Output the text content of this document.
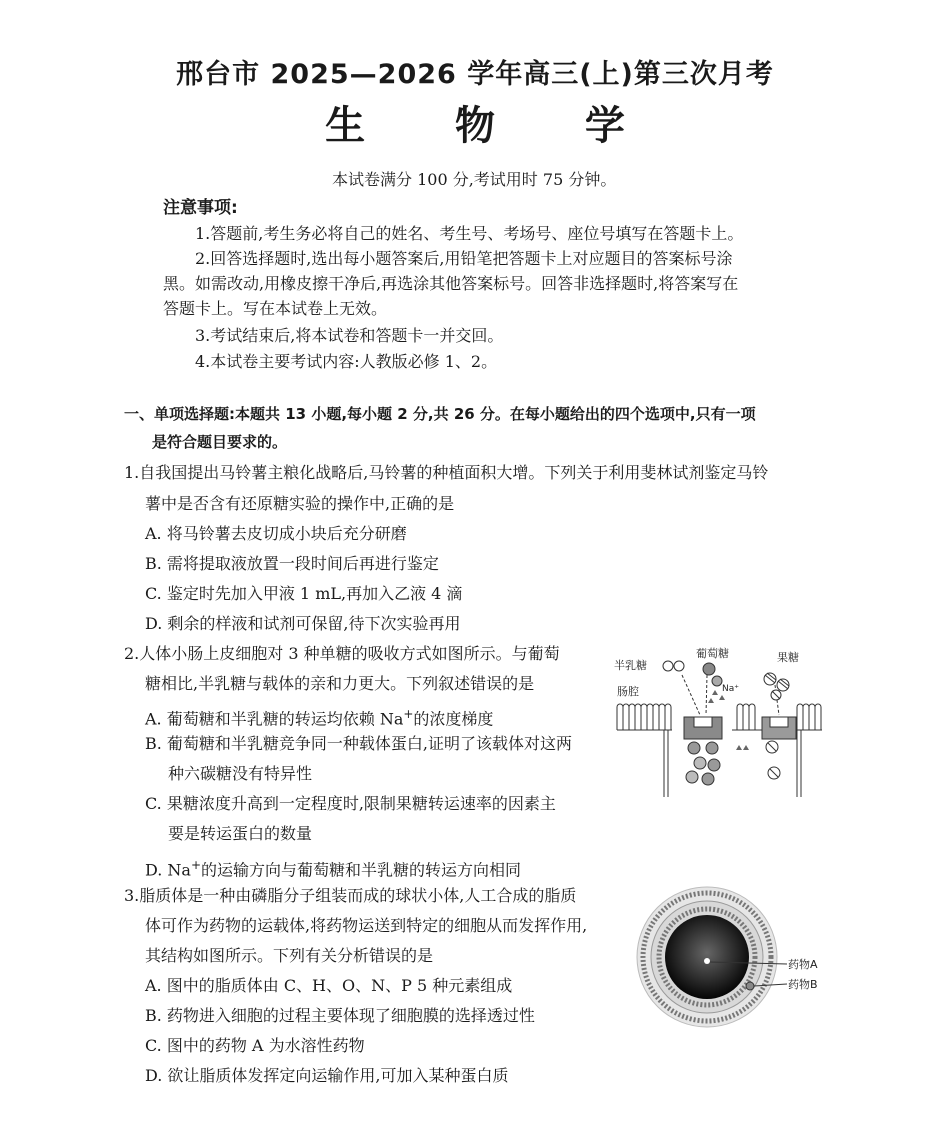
邢台市 2025—2026 学年高三(上)第三次月考
生 物 学
本试卷满分 100 分,考试用时 75 分钟。
注意事项:
1.答题前,考生务必将自己的姓名、考生号、考场号、座位号填写在答题卡上。
2.回答选择题时,选出每小题答案后,用铅笔把答题卡上对应题目的答案标号涂
黑。如需改动,用橡皮擦干净后,再选涂其他答案标号。回答非选择题时,将答案写在
答题卡上。写在本试卷上无效。
3.考试结束后,将本试卷和答题卡一并交回。
4.本试卷主要考试内容:人教版必修 1、2。
一、单项选择题:本题共 13 小题,每小题 2 分,共 26 分。在每小题给出的四个选项中,只有一项
是符合题目要求的。
1.自我国提出马铃薯主粮化战略后,马铃薯的种植面积大增。下列关于利用斐林试剂鉴定马铃
薯中是否含有还原糖实验的操作中,正确的是
A. 将马铃薯去皮切成小块后充分研磨
B. 需将提取液放置一段时间后再进行鉴定
C. 鉴定时先加入甲液 1 mL,再加入乙液 4 滴
D. 剩余的样液和试剂可保留,待下次实验再用
2.人体小肠上皮细胞对 3 种单糖的吸收方式如图所示。与葡萄
糖相比,半乳糖与载体的亲和力更大。下列叙述错误的是
A. 葡萄糖和半乳糖的转运均依赖 Na+的浓度梯度
B. 葡萄糖和半乳糖竞争同一种载体蛋白,证明了该载体对这两
种六碳糖没有特异性
C. 果糖浓度升高到一定程度时,限制果糖转运速率的因素主
要是转运蛋白的数量
D. Na+的运输方向与葡萄糖和半乳糖的转运方向相同
半乳糖
葡萄糖	果糖
肠腔	Na⁺
3.脂质体是一种由磷脂分子组装而成的球状小体,人工合成的脂质
体可作为药物的运载体,将药物运送到特定的细胞从而发挥作用,
其结构如图所示。下列有关分析错误的是
A. 图中的脂质体由 C、H、O、N、P 5 种元素组成
B. 药物进入细胞的过程主要体现了细胞膜的选择透过性
C. 图中的药物 A 为水溶性药物
D. 欲让脂质体发挥定向运输作用,可加入某种蛋白质
药物A
药物B
